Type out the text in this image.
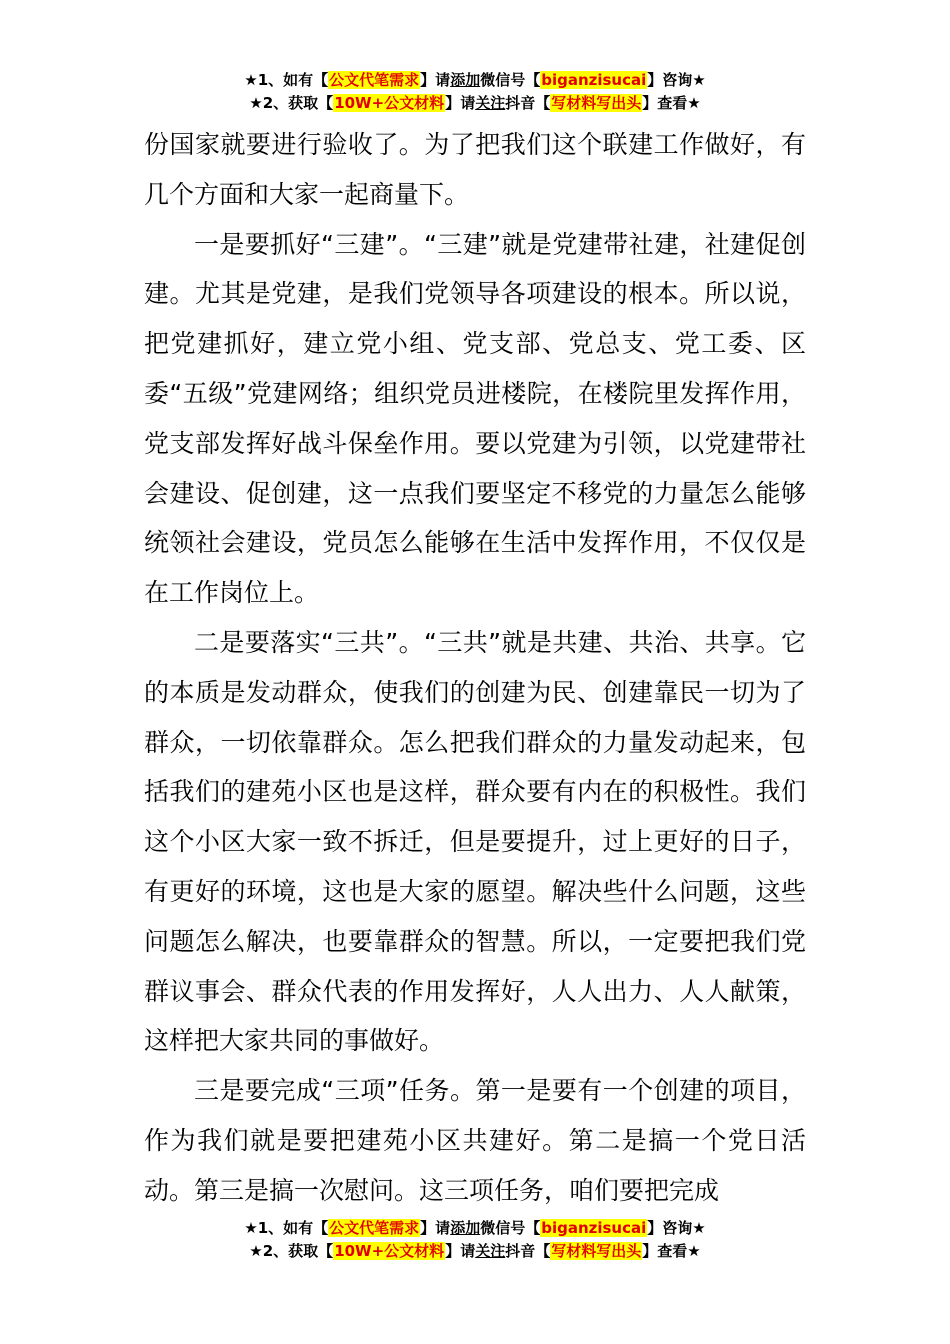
★1、如有【公文代笔需求】请添加微信号【biganzisucai】咨询★
★2、获取【10W+公文材料】请关注抖音【写材料写出头】查看★

份国家就要进行验收了。为了把我们这个联建工作做好，有几个方面和大家一起商量下。

一是要抓好“三建”。“三建”就是党建带社建，社建促创建。尤其是党建，是我们党领导各项建设的根本。所以说，把党建抓好，建立党小组、党支部、党总支、党工委、区委“五级”党建网络；组织党员进楼院，在楼院里发挥作用，党支部发挥好战斗保垒作用。要以党建为引领，以党建带社会建设、促创建，这一点我们要坚定不移党的力量怎么能够统领社会建设，党员怎么能够在生活中发挥作用，不仅仅是在工作岗位上。

二是要落实“三共”。“三共”就是共建、共治、共享。它的本质是发动群众，使我们的创建为民、创建靠民一切为了群众，一切依靠群众。怎么把我们群众的力量发动起来，包括我们的建苑小区也是这样，群众要有内在的积极性。我们这个小区大家一致不拆迁，但是要提升，过上更好的日子，有更好的环境，这也是大家的愿望。解决些什么问题，这些问题怎么解决，也要靠群众的智慧。所以，一定要把我们党群议事会、群众代表的作用发挥好，人人出力、人人献策，这样把大家共同的事做好。

三是要完成“三项”任务。第一是要有一个创建的项目，作为我们就是要把建苑小区共建好。第二是搞一个党日活动。第三是搞一次慰问。这三项任务，咱们要把完成

★1、如有【公文代笔需求】请添加微信号【biganzisucai】咨询★
★2、获取【10W+公文材料】请关注抖音【写材料写出头】查看★
